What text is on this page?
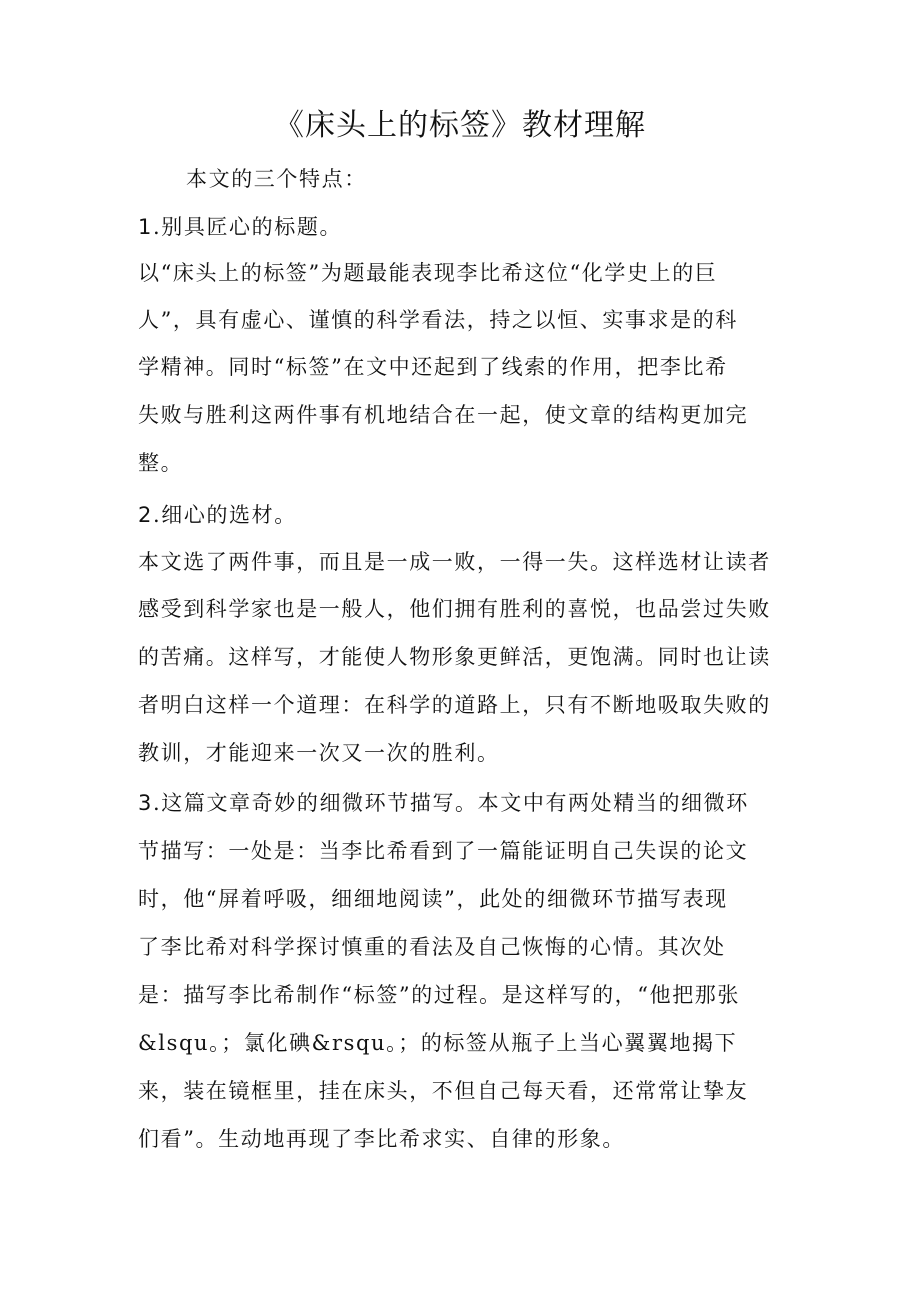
《床头上的标签》教材理解
本文的三个特点：
1.别具匠心的标题。
以“床头上的标签”为题最能表现李比希这位“化学史上的巨
人”，具有虚心、谨慎的科学看法，持之以恒、实事求是的科
学精神。同时“标签”在文中还起到了线索的作用，把李比希
失败与胜利这两件事有机地结合在一起，使文章的结构更加完
整。
2.细心的选材。
本文选了两件事，而且是一成一败，一得一失。这样选材让读者
感受到科学家也是一般人，他们拥有胜利的喜悦，也品尝过失败
的苦痛。这样写，才能使人物形象更鲜活，更饱满。同时也让读
者明白这样一个道理：在科学的道路上，只有不断地吸取失败的
教训，才能迎来一次又一次的胜利。
3.这篇文章奇妙的细微环节描写。本文中有两处精当的细微环
节描写：一处是：当李比希看到了一篇能证明自己失误的论文
时，他“屏着呼吸，细细地阅读”，此处的细微环节描写表现
了李比希对科学探讨慎重的看法及自己恢悔的心情。其次处
是：描写李比希制作“标签”的过程。是这样写的，“他把那张
&lsqu。；氯化碘&rsqu。；的标签从瓶子上当心翼翼地揭下
来，装在镜框里，挂在床头，不但自己每天看，还常常让挚友
们看”。生动地再现了李比希求实、自律的形象。
